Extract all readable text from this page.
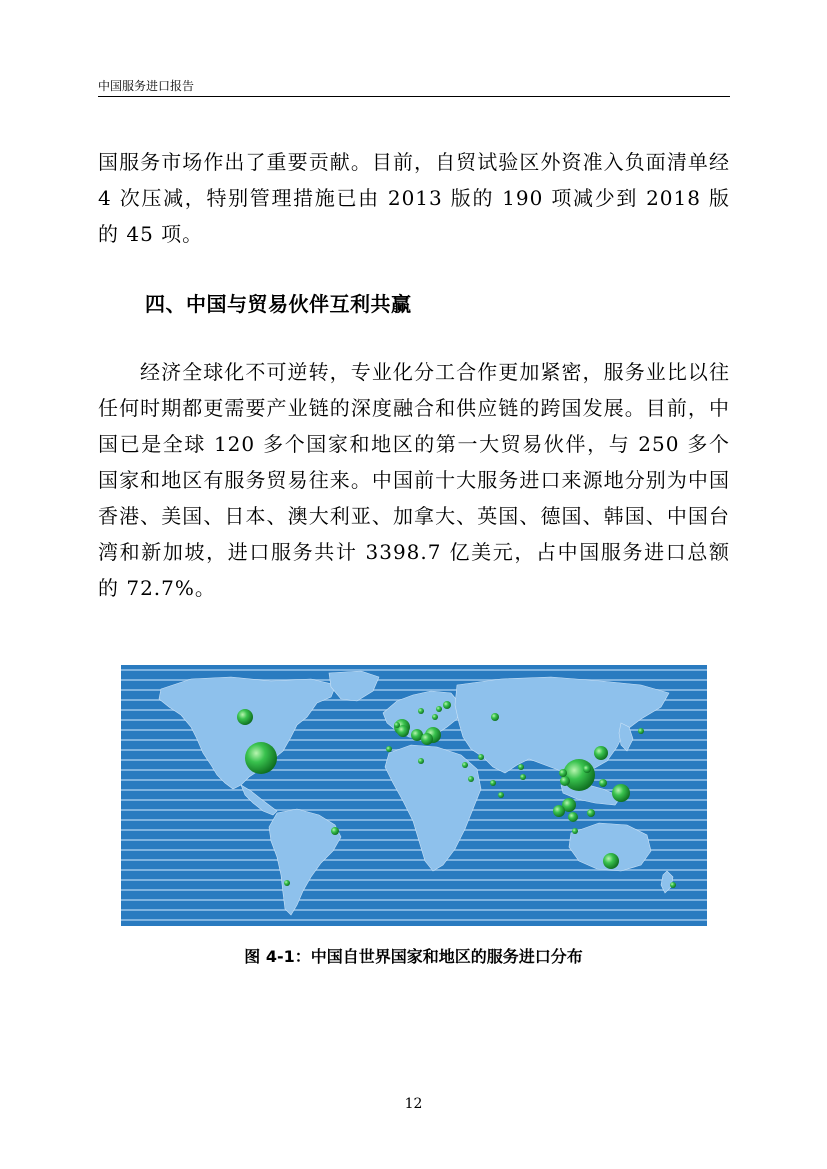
中国服务进口报告

国服务市场作出了重要贡献。目前，自贸试验区外资准入负面清单经 4 次压减，特别管理措施已由 2013 版的 190 项减少到 2018 版的 45 项。

四、中国与贸易伙伴互利共赢

经济全球化不可逆转，专业化分工合作更加紧密，服务业比以往任何时期都更需要产业链的深度融合和供应链的跨国发展。目前，中国已是全球 120 多个国家和地区的第一大贸易伙伴，与 250 多个国家和地区有服务贸易往来。中国前十大服务进口来源地分别为中国香港、美国、日本、澳大利亚、加拿大、英国、德国、韩国、中国台湾和新加坡，进口服务共计 3398.7 亿美元，占中国服务进口总额的 72.7%。

图 4-1：中国自世界国家和地区的服务进口分布
12
